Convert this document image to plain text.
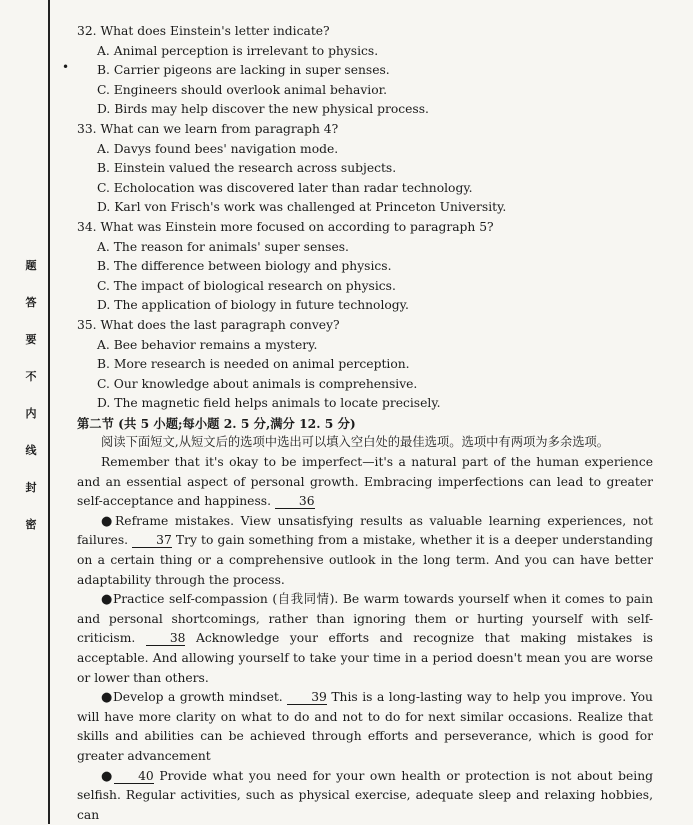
题
答
要
不
内
线
封
密
•
32. What does Einstein's letter indicate?
A. Animal perception is irrelevant to physics.
B. Carrier pigeons are lacking in super senses.
C. Engineers should overlook animal behavior.
D. Birds may help discover the new physical process.
33. What can we learn from paragraph 4?
A. Davys found bees' navigation mode.
B. Einstein valued the research across subjects.
C. Echolocation was discovered later than radar technology.
D. Karl von Frisch's work was challenged at Princeton University.
34. What was Einstein more focused on according to paragraph 5?
A. The reason for animals' super senses.
B. The difference between biology and physics.
C. The impact of biological research on physics.
D. The application of biology in future technology.
35. What does the last paragraph convey?
A. Bee behavior remains a mystery.
B. More research is needed on animal perception.
C. Our knowledge about animals is comprehensive.
D. The magnetic field helps animals to locate precisely.
第二节 (共 5 小题;每小题 2. 5 分,满分 12. 5 分)
阅读下面短文,从短文后的选项中选出可以填入空白处的最佳选项。选项中有两项为多余选项。
Remember that it's okay to be imperfect—it's a natural part of the human experience and an essential aspect of personal growth. Embracing imperfections can lead to greater self-acceptance and happiness. 36
●Reframe mistakes. View unsatisfying results as valuable learning experiences, not failures. 37 Try to gain something from a mistake, whether it is a deeper understanding on a certain thing or a comprehensive outlook in the long term. And you can have better adaptability through the process.
●Practice self-compassion (自我同情). Be warm towards yourself when it comes to pain and personal shortcomings, rather than ignoring them or hurting yourself with self-criticism.	38 Acknowledge your efforts and recognize that making mistakes is acceptable. And allowing yourself to take your time in a period doesn't mean you are worse or lower than others.
●Develop a growth mindset. 39 This is a long-lasting way to help you improve. You will have more clarity on what to do and not to do for next similar occasions. Realize that skills and abilities can be achieved through efforts and perseverance, which is good for greater advancement
● 40 Provide what you need for your own health or protection is not about being selfish. Regular activities, such as physical exercise, adequate sleep and relaxing hobbies, can
